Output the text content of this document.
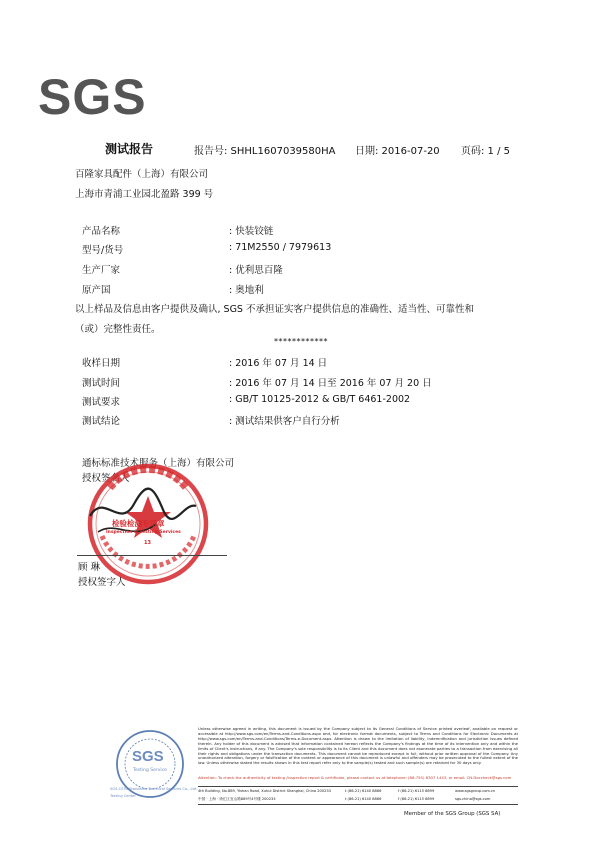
SGS
测试报告	报告号: SHHL1607039580HA 日期: 2016-07-20 页码: 1 / 5
百隆家具配件（上海）有限公司
上海市青浦工业园北盈路 399 号
产品名称	: 快装铰链
型号/货号	: 71M2550 / 7979613
生产厂家	: 优利思百隆
原产国	: 奥地利
以上样品及信息由客户提供及确认, SGS 不承担证实客户提供信息的准确性、适当性、可靠性和
（或）完整性责任。
************
收样日期	: 2016 年 07 月 14 日
测试时间	: 2016 年 07 月 14 日至 2016 年 07 月 20 日
测试要求	: GB/T 10125-2012 & GB/T 6461-2002
测试结论	: 测试结果供客户自行分析
通标标准技术服务（上海）有限公司
授权签名人
检验检测专用章
Inspection & Testing Services
13
顾 琳
授权签字人
SGS
Testing Service
SGS-CSTC Standards Technical Services Co., Ltd.
Testing Center
Unless otherwise agreed in writing, this document is issued by the Company subject to its General Conditions of Service printed overleaf, available on request or accessible at http://www.sgs.com/en/Terms-and-Conditions.aspx and, for electronic format documents, subject to Terms and Conditions for Electronic Documents at http://www.sgs.com/en/Terms-and-Conditions/Terms-e-Document.aspx. Attention is drawn to the limitation of liability, indemnification and jurisdiction issues defined therein. Any holder of this document is advised that information contained hereon reflects the Company's findings at the time of its intervention only and within the limits of Client's instructions, if any. The Company's sole responsibility is to its Client and this document does not exonerate parties to a transaction from exercising all their rights and obligations under the transaction documents. This document cannot be reproduced except in full, without prior written approval of the Company. Any unauthorized alteration, forgery or falsification of the content or appearance of this document is unlawful and offenders may be prosecuted to the fullest extent of the law. Unless otherwise stated the results shown in this test report refer only to the sample(s) tested and such sample(s) are retained for 30 days only.
Attention: To check the authenticity of testing /inspection report & certificate, please contact us at telephone: (86-755) 8307 1443, or email: CN.Doccheck@sgs.com
4th Building, No.889, Yishan Road, Xuhui District Shanghai, China 200233	t (86-21) 6140 8866	f (86-21) 6115 6899	www.sgsgroup.com.cn
中国 · 上海 · 徐汇区宜山路889号4号楼 200233	t (86-21) 6140 8866	f (86-21) 6115 6899	sgs.china@sgs.com
Member of the SGS Group (SGS SA)
